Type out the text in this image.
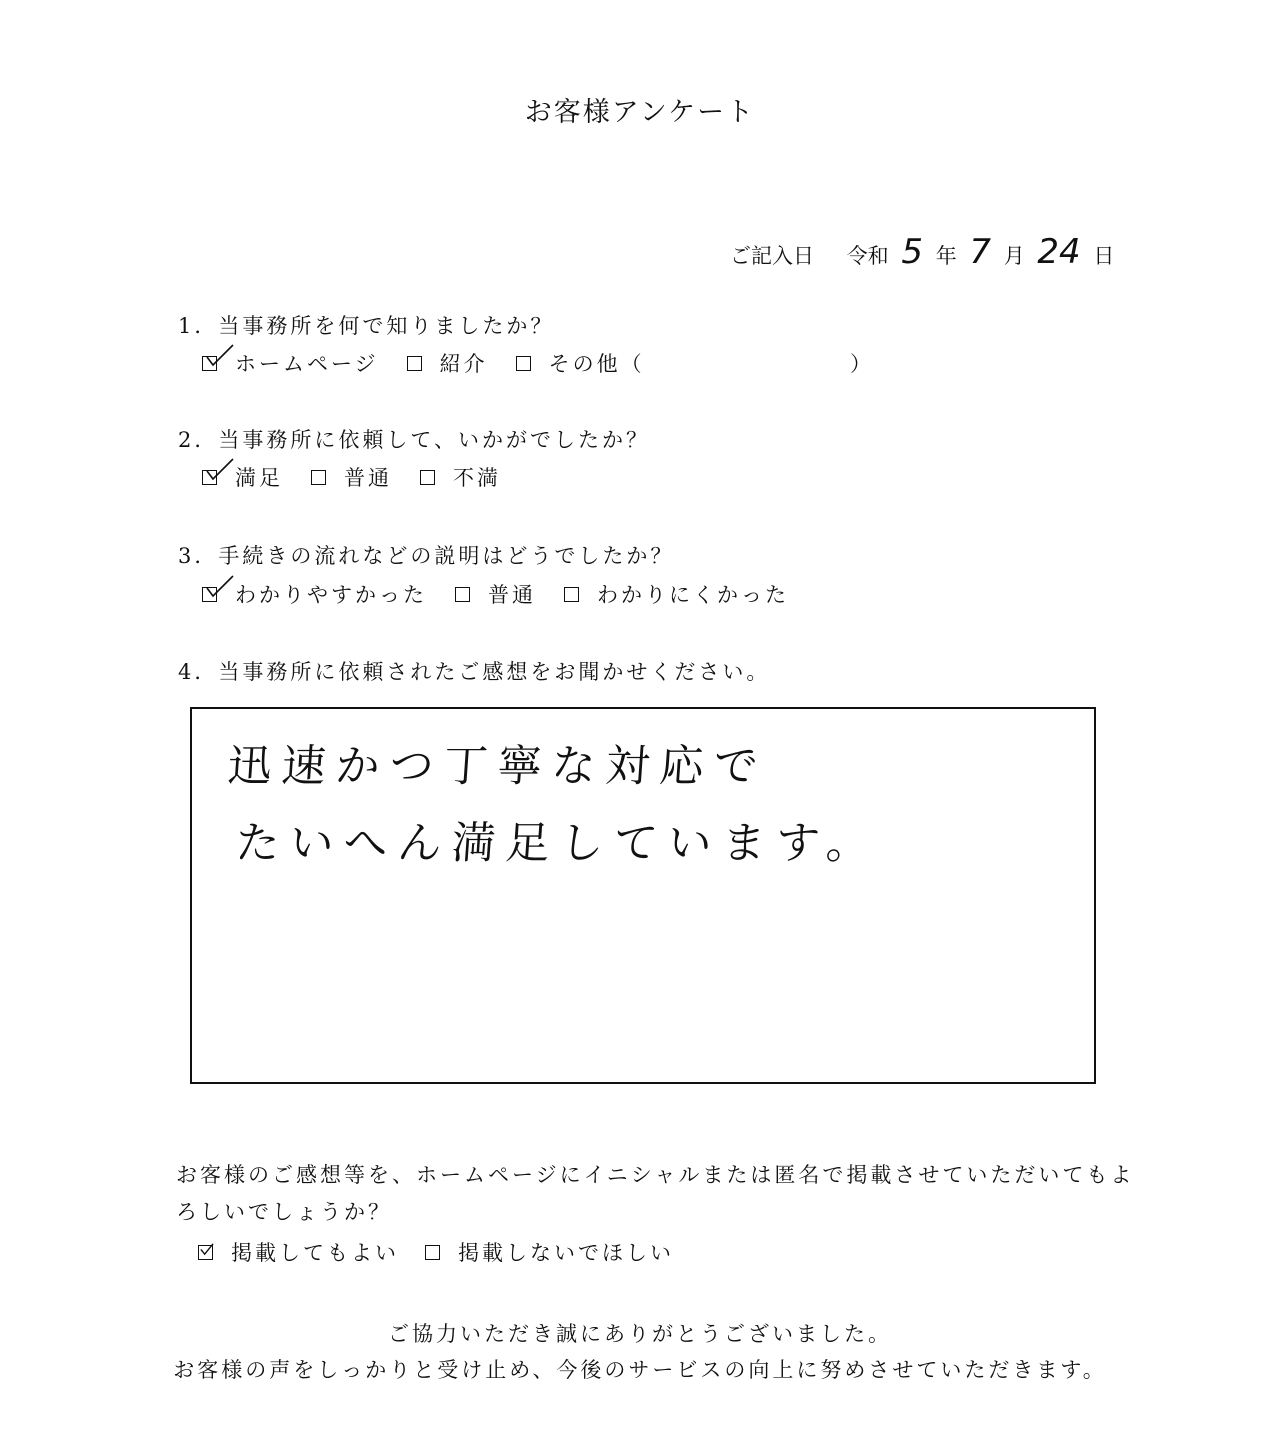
お客様アンケート
ご記入日 令和 5 年 7 月 24 日
1．当事務所を何で知りましたか？
ホームページ	紹介	その他（	）
2．当事務所に依頼して、いかがでしたか？
満足	普通	不満
3．手続きの流れなどの説明はどうでしたか？
わかりやすかった	普通	わかりにくかった
4．当事務所に依頼されたご感想をお聞かせください。
迅速かつ丁寧な対応で
たいへん満足しています。
お客様のご感想等を、ホームページにイニシャルまたは匿名で掲載させていただいてもよ
ろしいでしょうか？
掲載してもよい	掲載しないでほしい
ご協力いただき誠にありがとうございました。
お客様の声をしっかりと受け止め、今後のサービスの向上に努めさせていただきます。
